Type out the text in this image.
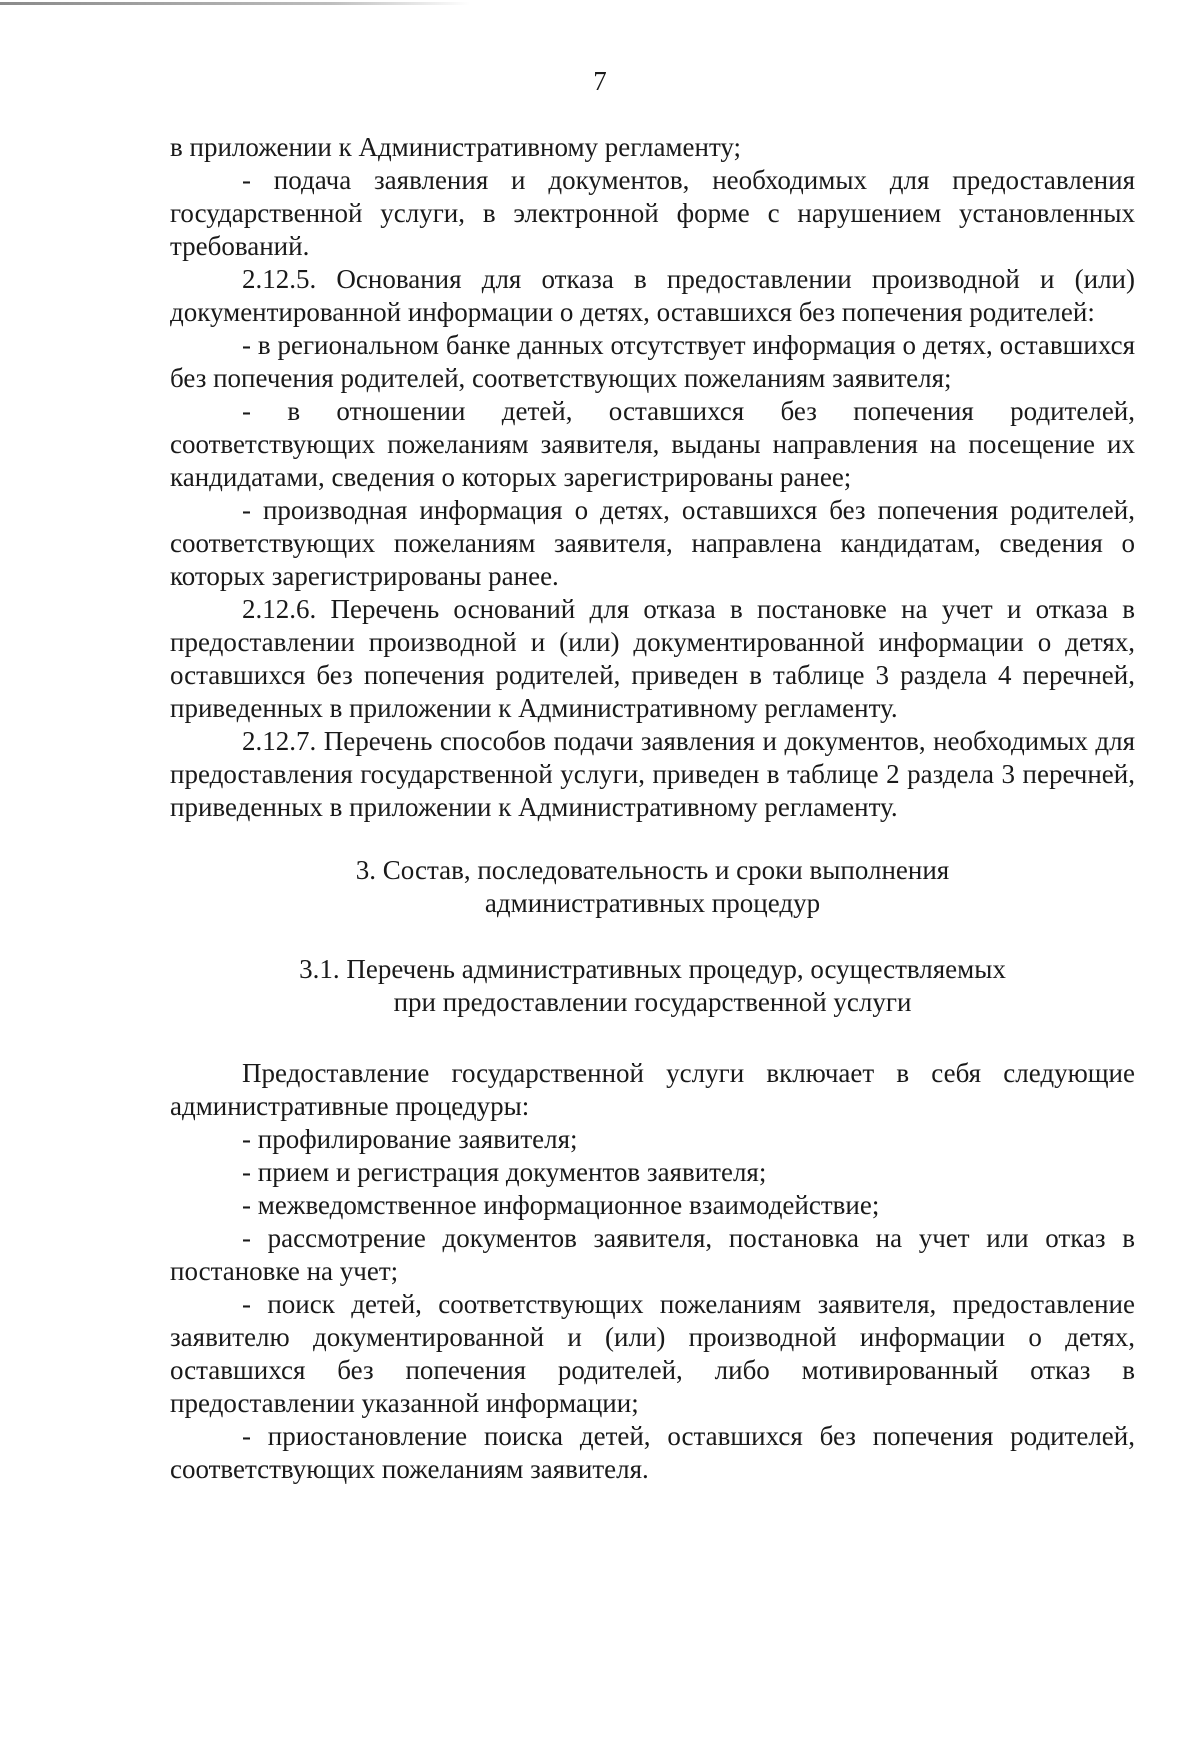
7

в приложении к Административному регламенту;

- подача заявления и документов, необходимых для предоставления государственной услуги, в электронной форме с нарушением установленных требований.

2.12.5. Основания для отказа в предоставлении производной и (или) документированной информации о детях, оставшихся без попечения родителей:

- в региональном банке данных отсутствует информация о детях, оставшихся без попечения родителей, соответствующих пожеланиям заявителя;

- в отношении детей, оставшихся без попечения родителей, соответствующих пожеланиям заявителя, выданы направления на посещение их кандидатами, сведения о которых зарегистрированы ранее;

- производная информация о детях, оставшихся без попечения родителей, соответствующих пожеланиям заявителя, направлена кандидатам, сведения о которых зарегистрированы ранее.

2.12.6. Перечень оснований для отказа в постановке на учет и отказа в предоставлении производной и (или) документированной информации о детях, оставшихся без попечения родителей, приведен в таблице 3 раздела 4 перечней, приведенных в приложении к Административному регламенту.

2.12.7. Перечень способов подачи заявления и документов, необходимых для предоставления государственной услуги, приведен в таблице 2 раздела 3 перечней, приведенных в приложении к Административному регламенту.

3. Состав, последовательность и сроки выполнения
административных процедур
3.1. Перечень административных процедур, осуществляемых
при предоставлении государственной услуги

Предоставление государственной услуги включает в себя следующие административные процедуры:

- профилирование заявителя;

- прием и регистрация документов заявителя;

- межведомственное информационное взаимодействие;

- рассмотрение документов заявителя, постановка на учет или отказ в постановке на учет;

- поиск детей, соответствующих пожеланиям заявителя, предоставление заявителю документированной и (или) производной информации о детях, оставшихся без попечения родителей, либо мотивированный отказ в предоставлении указанной информации;

- приостановление поиска детей, оставшихся без попечения родителей, соответствующих пожеланиям заявителя.
